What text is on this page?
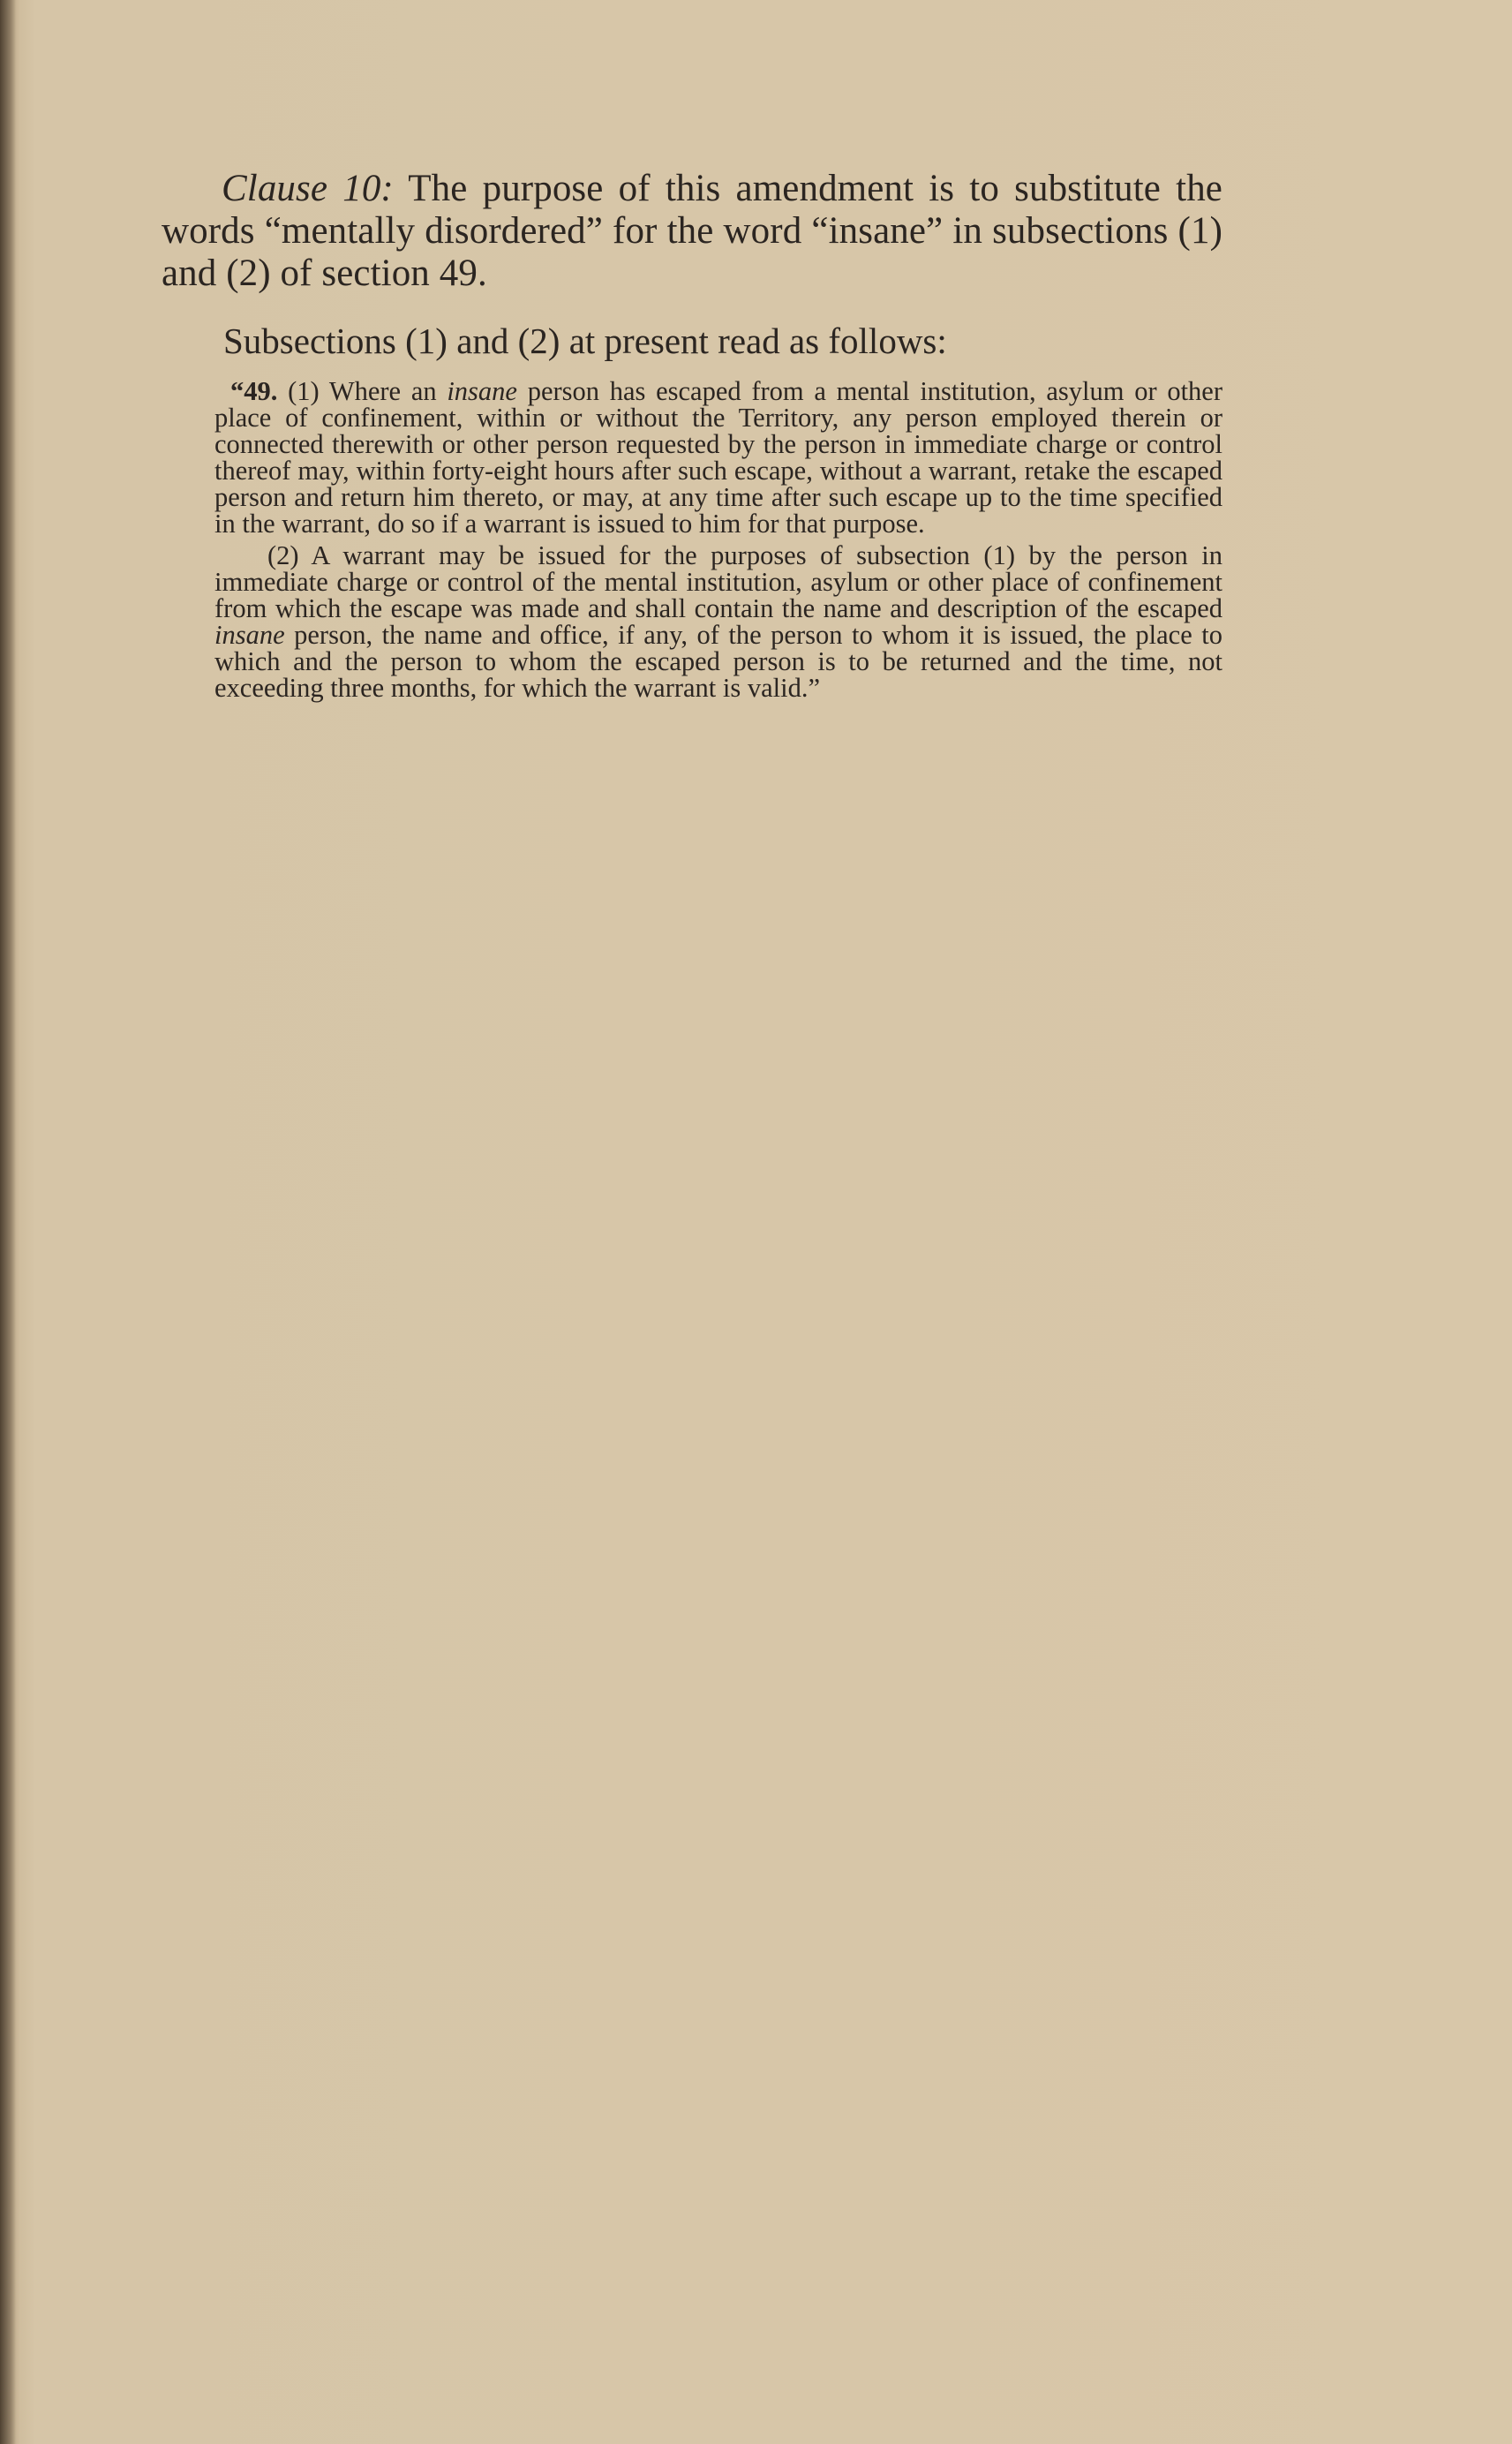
Clause 10: The purpose of this amendment is to substitute the words “mentally disordered” for the word “insane” in subsections (1) and (2) of section 49.

Subsections (1) and (2) at present read as follows:

“49. (1) Where an insane person has escaped from a mental institution, asylum or other place of confinement, within or without the Territory, any person employed therein or connected therewith or other person requested by the person in immediate charge or control thereof may, within forty-eight hours after such escape, without a warrant, retake the escaped person and return him thereto, or may, at any time after such escape up to the time specified in the warrant, do so if a warrant is issued to him for that purpose.

(2) A warrant may be issued for the purposes of subsection (1) by the person in immediate charge or control of the mental institution, asylum or other place of confinement from which the escape was made and shall contain the name and description of the escaped insane person, the name and office, if any, of the person to whom it is issued, the place to which and the person to whom the escaped person is to be returned and the time, not exceeding three months, for which the warrant is valid.”
